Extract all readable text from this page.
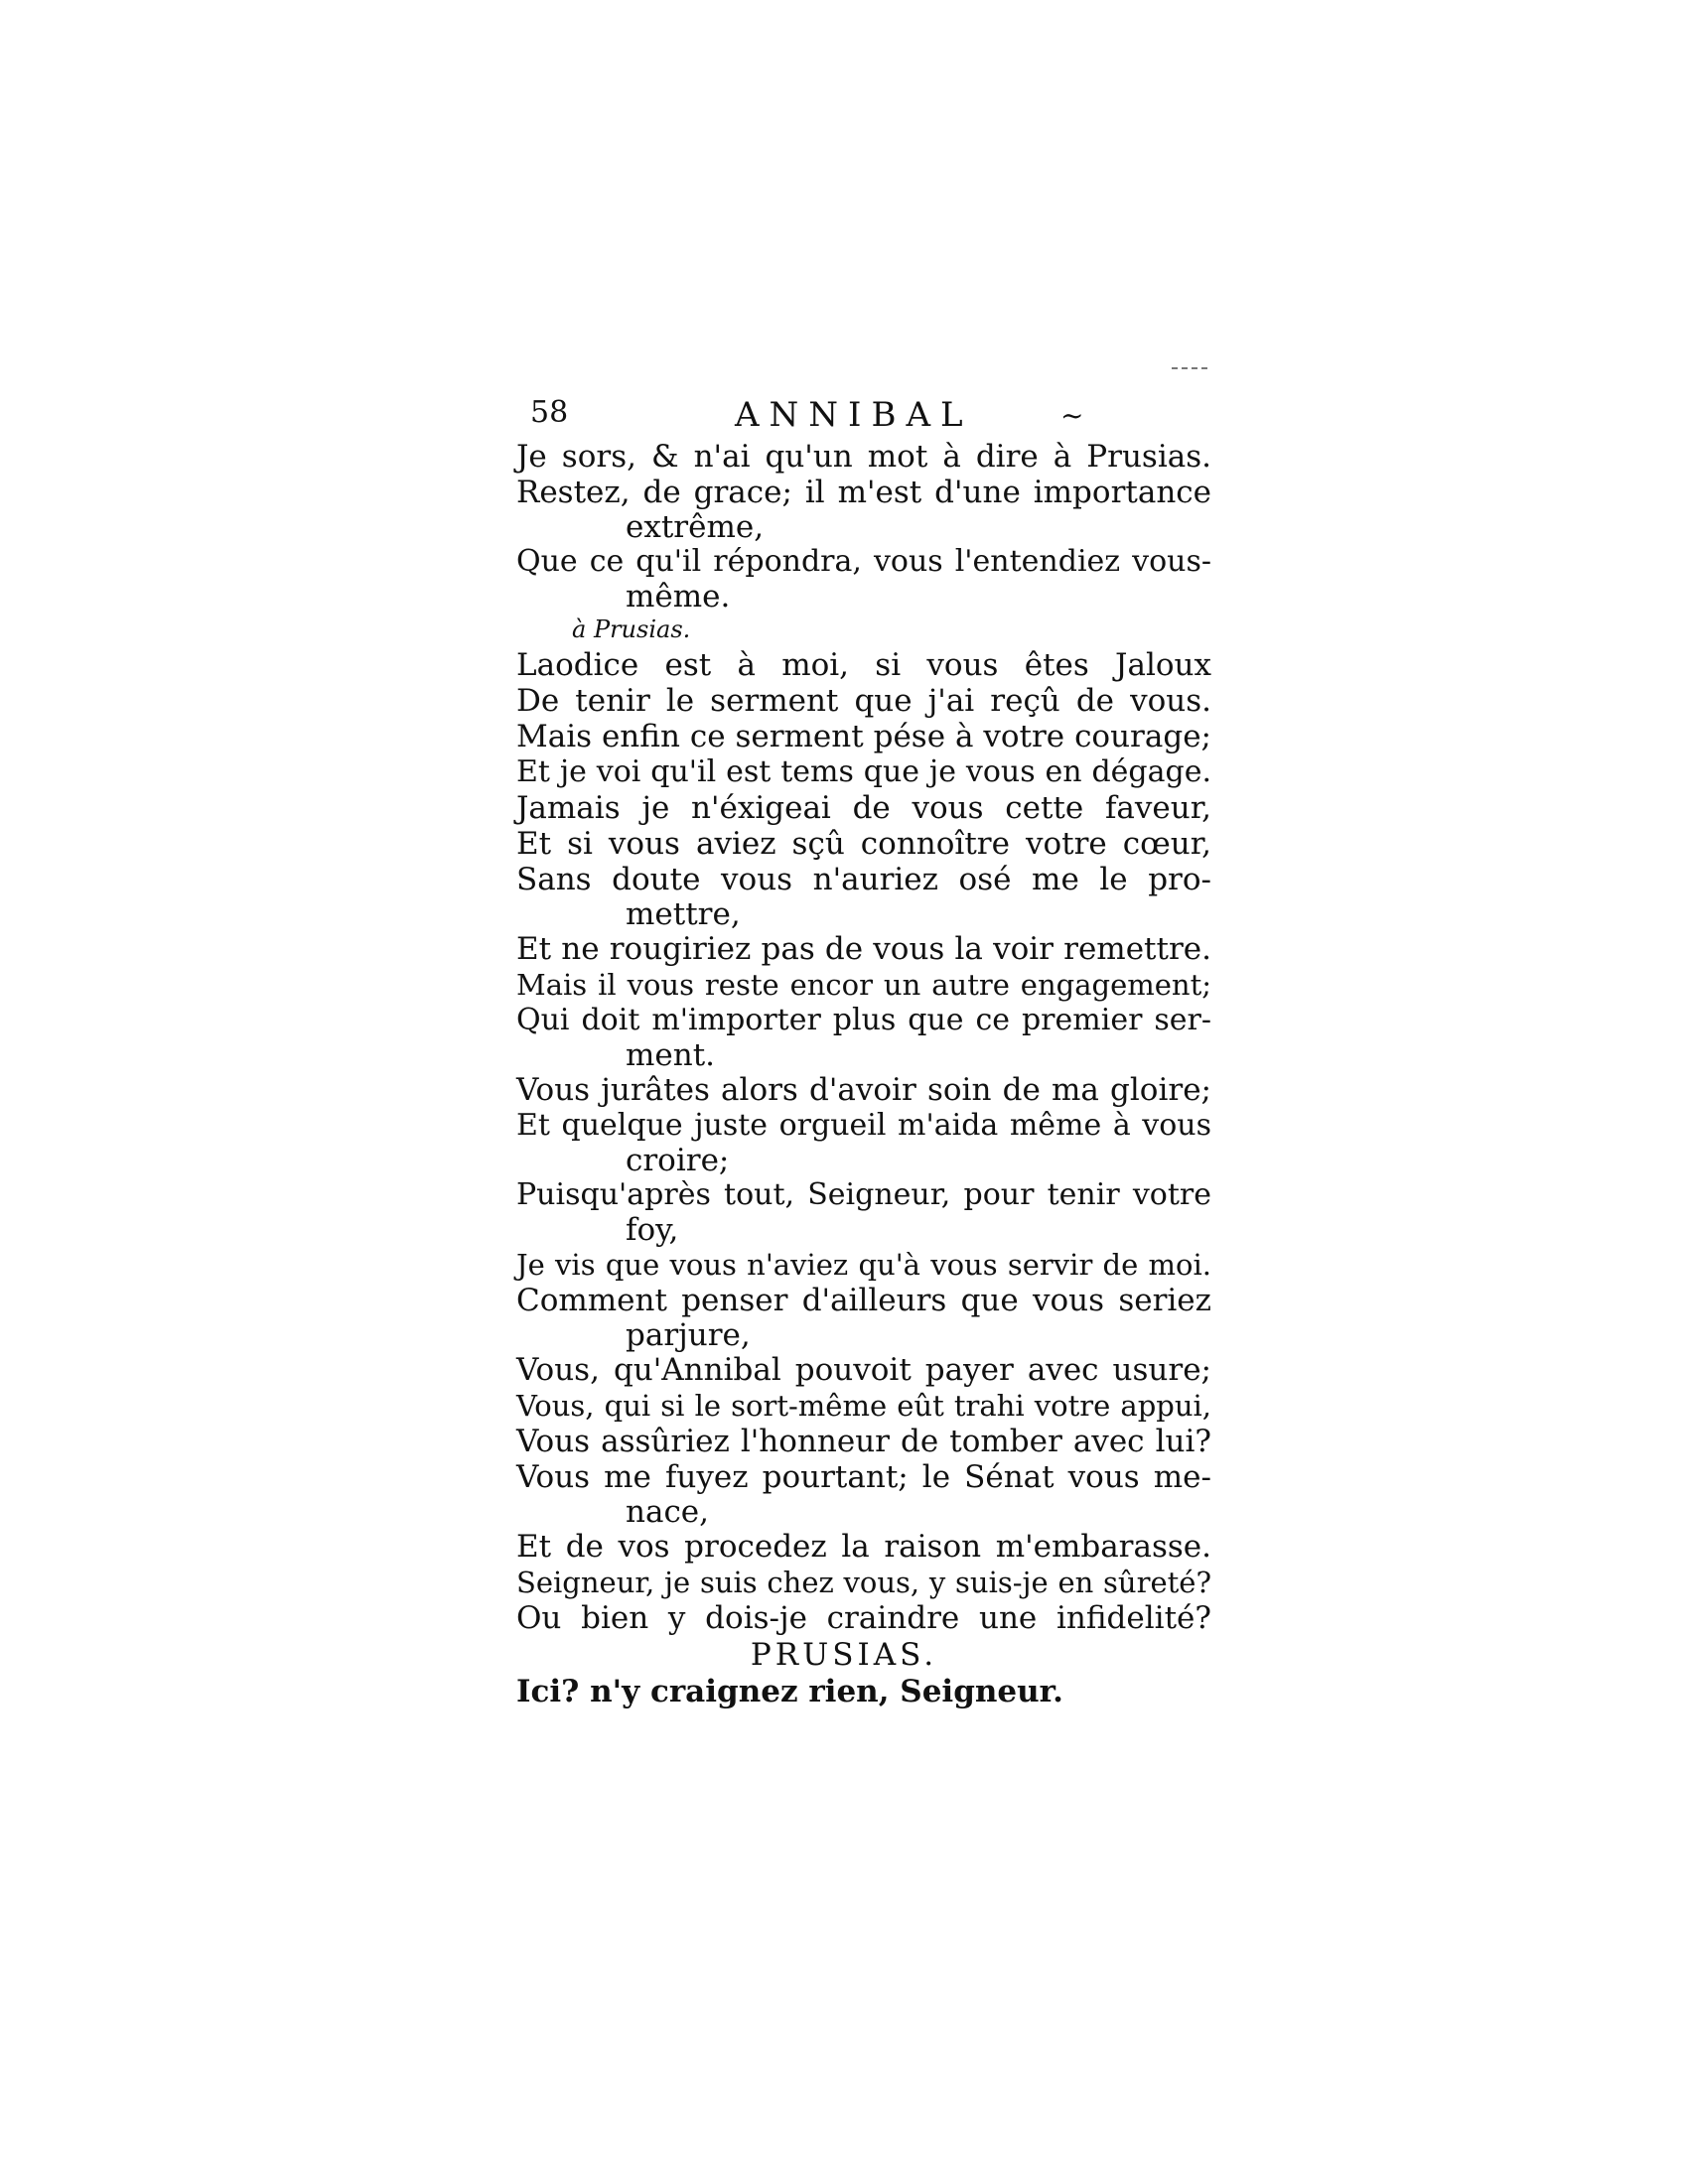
58	ANNIBAL	~
Je sors, & n'ai qu'un mot à dire à Prusias.
Restez, de grace; il m'est d'une importance
extrême,
Que ce qu'il répondra, vous l'entendiez vous-
même.
à Prusias.
Laodice est à moi, si vous êtes Jaloux
De tenir le serment que j'ai reçû de vous.
Mais enfin ce serment pése à votre courage;
Et je voi qu'il est tems que je vous en dégage.
Jamais je n'éxigeai de vous cette faveur,
Et si vous aviez sçû connoître votre cœur,
Sans doute vous n'auriez osé me le pro-
mettre,
Et ne rougiriez pas de vous la voir remettre.
Mais il vous reste encor un autre engagement;
Qui doit m'importer plus que ce premier ser-
ment.
Vous jurâtes alors d'avoir soin de ma gloire;
Et quelque juste orgueil m'aida même à vous
croire;
Puisqu'après tout, Seigneur, pour tenir votre
foy,
Je vis que vous n'aviez qu'à vous servir de moi.
Comment penser d'ailleurs que vous seriez
parjure,
Vous, qu'Annibal pouvoit payer avec usure;
Vous, qui si le sort-même eût trahi votre appui,
Vous assûriez l'honneur de tomber avec lui?
Vous me fuyez pourtant; le Sénat vous me-
nace,
Et de vos procedez la raison m'embarasse.
Seigneur, je suis chez vous, y suis-je en sûreté?
Ou bien y dois-je craindre une infidelité?
PRUSIAS.
Ici? n'y craignez rien, Seigneur.
